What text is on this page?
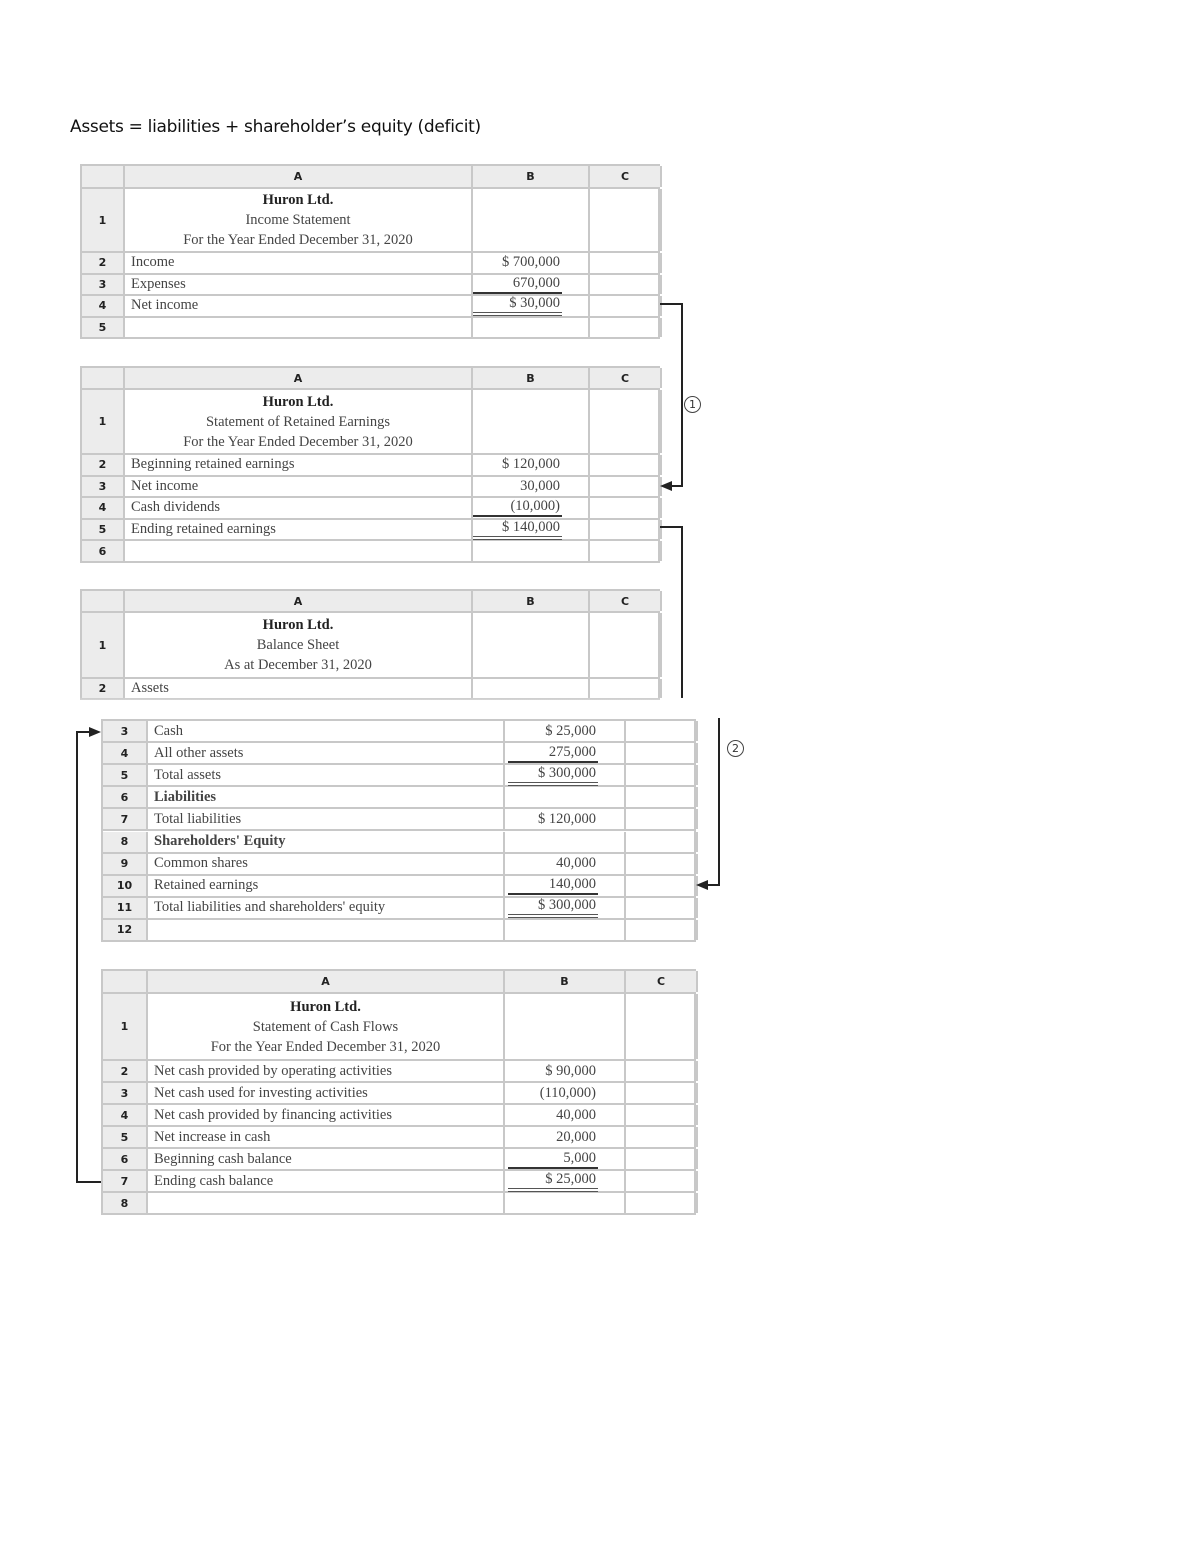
Assets = liabilities + shareholder’s equity (deficit)
A	B	C
1
Huron Ltd.
Income Statement
For the Year Ended December 31, 2020
2	Income	$ 700,000
3	Expenses	670,000
4	Net income	$ 30,000
5
A	B	C
1
Huron Ltd.
Statement of Retained Earnings
For the Year Ended December 31, 2020
2	Beginning retained earnings	$ 120,000
3	Net income	30,000
4	Cash dividends	(10,000)
5	Ending retained earnings	$ 140,000
6
A	B	C
1
Huron Ltd.
Balance Sheet
As at December 31, 2020
2	Assets
3	Cash	$ 25,000
4	All other assets	275,000
5	Total assets	$ 300,000
6	Liabilities
7	Total liabilities	$ 120,000
8	Shareholders' Equity
9	Common shares	40,000
10	Retained earnings	140,000
11	Total liabilities and shareholders' equity	$ 300,000
12
A	B	C
1
Huron Ltd.
Statement of Cash Flows
For the Year Ended December 31, 2020
2	Net cash provided by operating activities	$ 90,000
3	Net cash used for investing activities	(110,000)
4	Net cash provided by financing activities	40,000
5	Net increase in cash	20,000
6	Beginning cash balance	5,000
7	Ending cash balance	$ 25,000
8
1
2
